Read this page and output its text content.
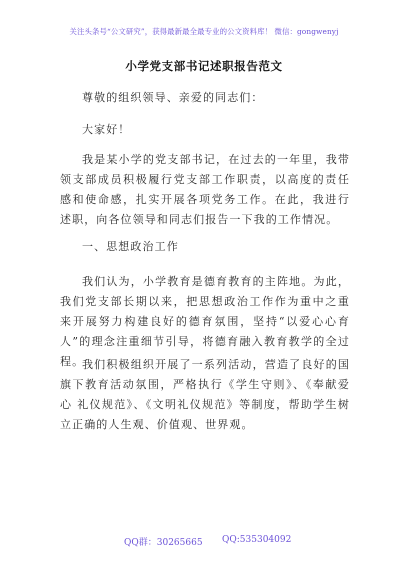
关注头条号“公文研究”，获得最新最全最专业的公文资料库！ 微信：gongwenyj
小学党支部书记述职报告范文

尊敬的组织领导、亲爱的同志们：

大家好！

我是某小学的党支部书记，在过去的一年里，我带领支部成员积极履行党支部工作职责，以高度的责任感和使命感，扎实开展各项党务工作。在此，我进行述职，向各位领导和同志们报告一下我的工作情况。

一、思想政治工作

我们认为，小学教育是德育教育的主阵地。为此，我们党支部长期以来，把思想政治工作作为重中之重来开展努力构建良好的德育氛围，坚持“以爱心心育人”的理念注重细节引导，将德育融入教育教学的全过程。

我们积极组织开展了一系列活动，营造了良好的国旗下教育活动氛围，严格执行《学生守则》、《奉献爱心 礼仪规范》、《文明礼仪规范》等制度，帮助学生树立正确的人生观、价值观、世界观。

QQ群：30265665 QQ:535304092
